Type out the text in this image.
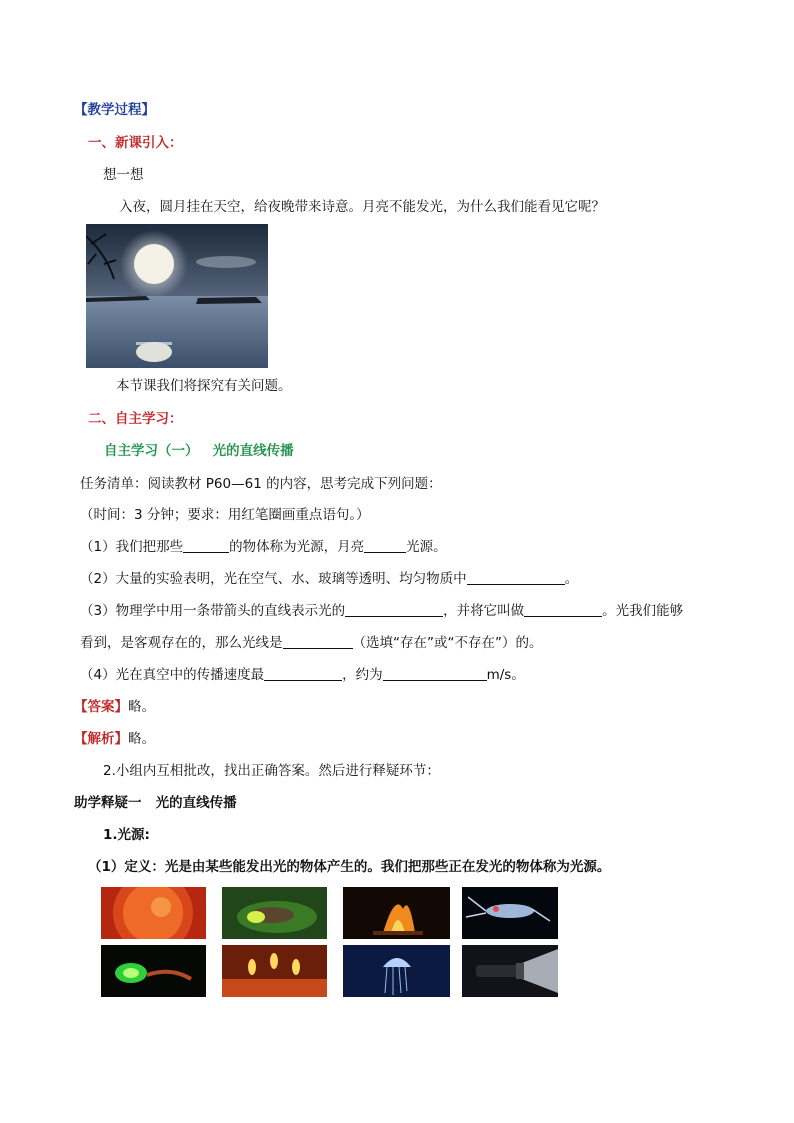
【教学过程】
一、新课引入：
想一想
入夜，圆月挂在天空，给夜晚带来诗意。月亮不能发光，为什么我们能看见它呢？
本节课我们将探究有关问题。
二、自主学习：
自主学习（一）   光的直线传播
任务清单：阅读教材 P60—61 的内容，思考完成下列问题：
（时间：3 分钟；要求：用红笔圈画重点语句。）
（1）我们把那些	的物体称为光源，月亮	光源。
（2）大量的实验表明，光在空气、水、玻璃等透明、均匀物质中	。
（3）物理学中用一条带箭头的直线表示光的	，并将它叫做	。光我们能够
看到，是客观存在的，那么光线是	（选填“存在”或“不存在”）的。
（4）光在真空中的传播速度最	，约为	m/s。
【答案】略。
【解析】略。
2.小组内互相批改，找出正确答案。然后进行释疑环节：
助学释疑一   光的直线传播
1.光源:
（1）定义：光是由某些能发出光的物体产生的。我们把那些正在发光的物体称为光源。
